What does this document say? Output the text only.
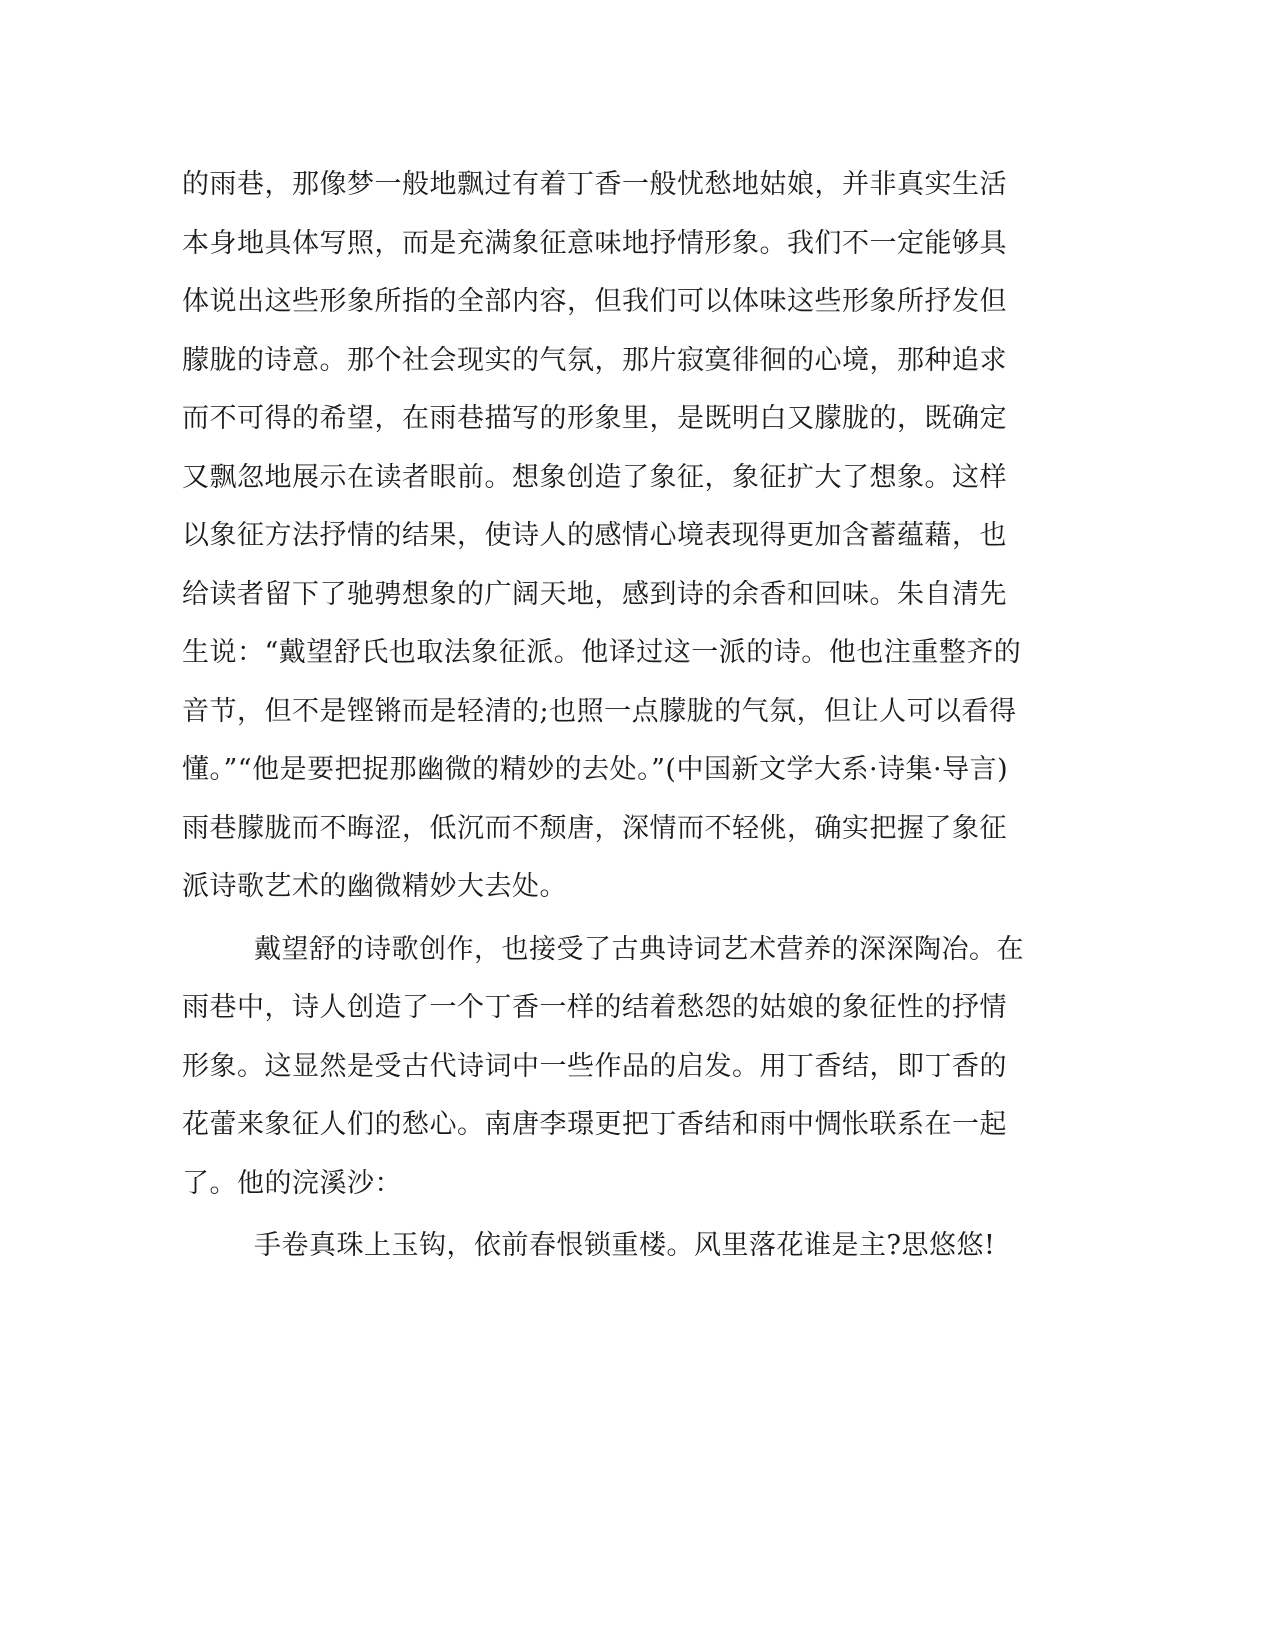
的雨巷，那像梦一般地飘过有着丁香一般忧愁地姑娘，并非真实生活
本身地具体写照，而是充满象征意味地抒情形象。我们不一定能够具
体说出这些形象所指的全部内容，但我们可以体味这些形象所抒发但
朦胧的诗意。那个社会现实的气氛，那片寂寞徘徊的心境，那种追求
而不可得的希望，在雨巷描写的形象里，是既明白又朦胧的，既确定
又飘忽地展示在读者眼前。想象创造了象征，象征扩大了想象。这样
以象征方法抒情的结果，使诗人的感情心境表现得更加含蓄蕴藉，也
给读者留下了驰骋想象的广阔天地，感到诗的余香和回味。朱自清先
生说：“戴望舒氏也取法象征派。他译过这一派的诗。他也注重整齐的
音节，但不是铿锵而是轻清的;也照一点朦胧的气氛，但让人可以看得
懂。”“他是要把捉那幽微的精妙的去处。”(中国新文学大系·诗集·导言)
雨巷朦胧而不晦涩，低沉而不颓唐，深情而不轻佻，确实把握了象征
派诗歌艺术的幽微精妙大去处。
戴望舒的诗歌创作，也接受了古典诗词艺术营养的深深陶冶。在
雨巷中，诗人创造了一个丁香一样的结着愁怨的姑娘的象征性的抒情
形象。这显然是受古代诗词中一些作品的启发。用丁香结，即丁香的
花蕾来象征人们的愁心。南唐李璟更把丁香结和雨中惆怅联系在一起
了。他的浣溪沙：
手卷真珠上玉钩，依前春恨锁重楼。风里落花谁是主?思悠悠!
